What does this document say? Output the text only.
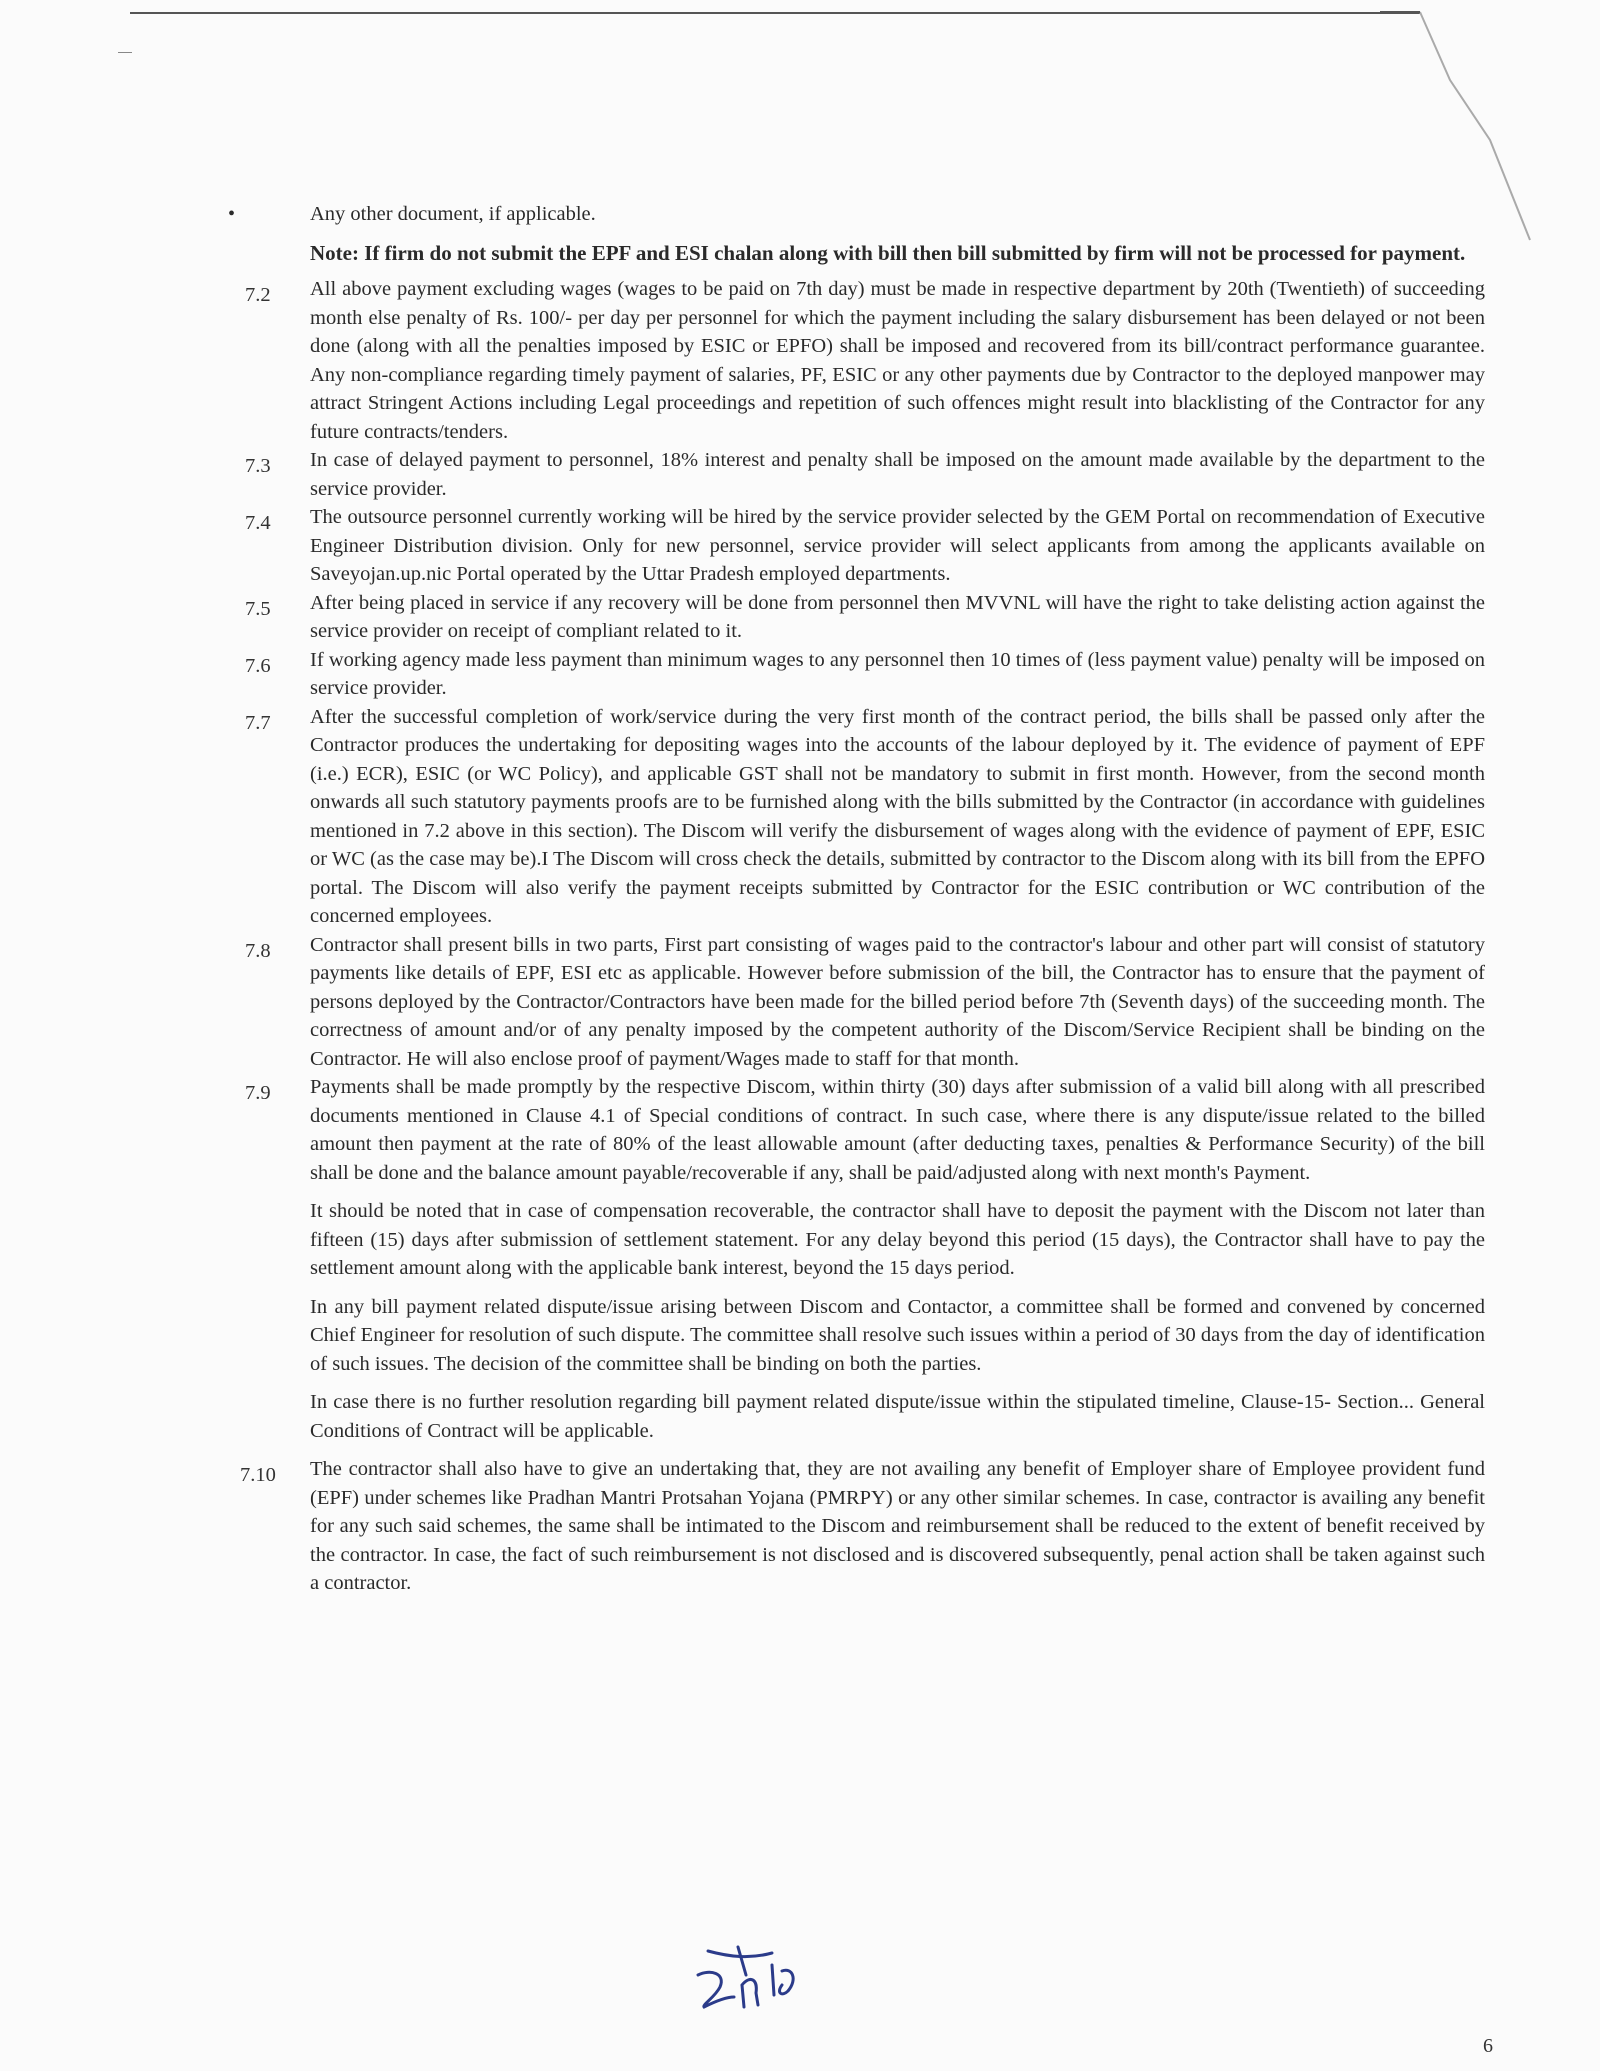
•	Any other document, if applicable.
Note: If firm do not submit the EPF and ESI chalan along with bill then bill submitted by firm will not be processed for payment.
7.2 All above payment excluding wages (wages to be paid on 7th day) must be made in respective department by 20th (Twentieth) of succeeding month else penalty of Rs. 100/- per day per personnel for which the payment including the salary disbursement has been delayed or not been done (along with all the penalties imposed by ESIC or EPFO) shall be imposed and recovered from its bill/contract performance guarantee. Any non-compliance regarding timely payment of salaries, PF, ESIC or any other payments due by Contractor to the deployed manpower may attract Stringent Actions including Legal proceedings and repetition of such offences might result into blacklisting of the Contractor for any future contracts/tenders.

7.3 In case of delayed payment to personnel, 18% interest and penalty shall be imposed on the amount made available by the department to the service provider.

7.4 The outsource personnel currently working will be hired by the service provider selected by the GEM Portal on recommendation of Executive Engineer Distribution division. Only for new personnel, service provider will select applicants from among the applicants available on Saveyojan.up.nic Portal operated by the Uttar Pradesh employed departments.

7.5 After being placed in service if any recovery will be done from personnel then MVVNL will have the right to take delisting action against the service provider on receipt of compliant related to it.

7.6 If working agency made less payment than minimum wages to any personnel then 10 times of (less payment value) penalty will be imposed on service provider.

7.7 After the successful completion of work/service during the very first month of the contract period, the bills shall be passed only after the Contractor produces the undertaking for depositing wages into the accounts of the labour deployed by it. The evidence of payment of EPF (i.e.) ECR), ESIC (or WC Policy), and applicable GST shall not be mandatory to submit in first month. However, from the second month onwards all such statutory payments proofs are to be furnished along with the bills submitted by the Contractor (in accordance with guidelines mentioned in 7.2 above in this section). The Discom will verify the disbursement of wages along with the evidence of payment of EPF, ESIC or WC (as the case may be).I The Discom will cross check the details, submitted by contractor to the Discom along with its bill from the EPFO portal. The Discom will also verify the payment receipts submitted by Contractor for the ESIC contribution or WC contribution of the concerned employees.

7.8 Contractor shall present bills in two parts, First part consisting of wages paid to the contractor's labour and other part will consist of statutory payments like details of EPF, ESI etc as applicable. However before submission of the bill, the Contractor has to ensure that the payment of persons deployed by the Contractor/Contractors have been made for the billed period before 7th (Seventh days) of the succeeding month. The correctness of amount and/or of any penalty imposed by the competent authority of the Discom/Service Recipient shall be binding on the Contractor. He will also enclose proof of payment/Wages made to staff for that month.

7.9 Payments shall be made promptly by the respective Discom, within thirty (30) days after submission of a valid bill along with all prescribed documents mentioned in Clause 4.1 of Special conditions of contract. In such case, where there is any dispute/issue related to the billed amount then payment at the rate of 80% of the least allowable amount (after deducting taxes, penalties & Performance Security) of the bill shall be done and the balance amount payable/recoverable if any, shall be paid/adjusted along with next month's Payment.

It should be noted that in case of compensation recoverable, the contractor shall have to deposit the payment with the Discom not later than fifteen (15) days after submission of settlement statement. For any delay beyond this period (15 days), the Contractor shall have to pay the settlement amount along with the applicable bank interest, beyond the 15 days period.
In any bill payment related dispute/issue arising between Discom and Contactor, a committee shall be formed and convened by concerned Chief Engineer for resolution of such dispute. The committee shall resolve such issues within a period of 30 days from the day of identification of such issues. The decision of the committee shall be binding on both the parties.
In case there is no further resolution regarding bill payment related dispute/issue within the stipulated timeline, Clause-15- Section... General Conditions of Contract will be applicable.
7.10 The contractor shall also have to give an undertaking that, they are not availing any benefit of Employer share of Employee provident fund (EPF) under schemes like Pradhan Mantri Protsahan Yojana (PMRPY) or any other similar schemes. In case, contractor is availing any benefit for any such said schemes, the same shall be intimated to the Discom and reimbursement shall be reduced to the extent of benefit received by the contractor. In case, the fact of such reimbursement is not disclosed and is discovered subsequently, penal action shall be taken against such a contractor.

6
